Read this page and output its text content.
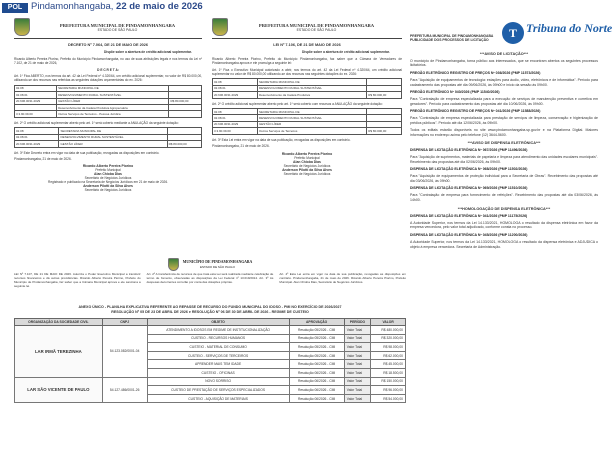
POL Pindamonhangaba, 22 de maio de 2026
PREFEITURA MUNICIPAL DE PINDAMONHANGABA
ESTADO DE SÃO PAULO
DECRETO Nº 7.064, DE 21 DE MAIO DE 2026

Dispõe sobre a abertura de crédito adicional suplementar.

Ricardo Alberto Pereira Piorino, Prefeito do Município Pindamonhangaba, no uso de suas atribuições legais e nos termos da Lei nº 7.102, de 21 de maio de 2026,

D E C R E T A:

Art. 1º Fica ABERTO, nos termos da art. 42 da Lei Federal nº 4.320/64, um crédito adicional suplementar, no valor de R$ 80.000,00, utilizando-se dos recursos nas referidas as seguintes dotações orçamentárias do ex. 2026:

02.08	SECRETARIA MUNICIPAL DE	
02.08.01	DESENVOLVIMENTO RURAL SUSTENTÁVEL	
20.606.0031.2029	GESTÃO LÍDER	R$ 80.000,00
	Desenvolvimento da Cadeia Produtiva Agropecuária	
3.3.90.39.00	Outros Serviços de Terceiros - Pessoa Jurídica	

Art. 2º O crédito adicional suplementar aberto pelo art. 1º será coberto mediante a ANULAÇÃO da seguinte dotação:

02.08	SECRETARIA MUNICIPAL DE	
02.08.01	DESENVOLVIMENTO RURAL SUSTENTÁVEL	
20.606.0031.2029	GESTÃO LÍDER	R$ 80.000,00

Art. 3º Este Decreto entra em vigor na data de sua publicação, revogadas as disposições em contrário.

Pindamonhangaba, 21 de maio de 2026.

Ricardo Alberto Pereira Piorino
Prefeito Municipal
Alan Chioba Dias
Secretário de Negócios Jurídicos
Registrado e publicado na Secretaria de Negócios Jurídicos em 21 de maio de 2026.
Anderson Pilotti da Silva Alves
Secretário de Negócios Jurídicos
PREFEITURA MUNICIPAL DE PINDAMONHANGABA
ESTADO DE SÃO PAULO
LEI Nº 7.106, DE 21 DE MAIO DE 2026

Dispõe sobre a abertura de crédito adicional suplementar.

Ricardo Alberto Pereira Piorino, Prefeito do Município Pindamonhangaba, faz saber que a Câmara de Vereadores de Pindamonhangaba aprova e ele promulga a seguinte lei:

Art. 1º Fica o Executivo Municipal autorizado a abrir, nos termos do art. 42 da Lei Federal nº 4.320/64, um crédito adicional suplementar no valor de R$ 80.000,00 utilizando-se dos recursos nas seguintes dotações do ex. 2026:

02.08	SECRETARIA MUNICIPAL DE	
02.08.01	DESENVOLVIMENTO RURAL SUSTENTÁVEL	
20.606.0031.2029	Desenvolvimento da Cadeia Produtiva	R$ 80.000,00

Art. 2º O crédito adicional suplementar aberto pelo art. 1º será coberto com recursos a ANULAÇÃO da seguinte dotação:

02.08	SECRETARIA MUNICIPAL DE	
02.08.01	DESENVOLVIMENTO RURAL SUSTENTÁVEL	
20.606.0031.2029	GESTÃO LÍDER	
3.3.90.39.00	Outros Serviços de Terceiros	R$ 80.000,00

Art. 3º Esta Lei entra em vigor na data de sua publicação, revogadas as disposições em contrário.

Pindamonhangaba, 21 de maio de 2026.

Ricardo Alberto Pereira Piorino
Prefeito Municipal
Alan Chioba Dias
Secretário de Negócios Jurídicos
Anderson Pilotti da Silva Alves
Secretário de Negócios Jurídicos
PREFEITURA MUNICIPAL DE PINDAMONHANGABA
PUBLICIDADE DOS PROCESSOS DE LICITAÇÃO
T Tribuna do Norte
***AVISO DE LICITAÇÃO***

O município de Pindamonhangaba, torna público aos interessados, que se encontram abertos os seguintes processos licitatórios.

PREGÃO ELETRÔNICO REGISTRO DE PREÇOS Nº 036/2026 (PMP 11573/2026)

Para "Aquisição de equipamentos de tecnologia: estações para áudio, vídeo, eletrônicos e de informática". Período para cadastramento das propostas até dia 09/06/2026, às 09h00 e início da sessão às 09h00.

PREGÃO ELETRÔNICO Nº 040/2026 (PMP 11540/2026)

Para "Contratação de empresa especializada para a execução de serviços de manutenção preventiva e corretiva em geradores". Período para cadastramento das propostas até dia 10/06/2026, às 09h00.

PREGÃO ELETRÔNICO REGISTRO DE PREÇOS Nº 041/2026 (PMP 11588/2026)

Para "Contratação de empresa especializada para prestação de serviços de limpeza, conservação e higienização de prédios públicos". Período até dia 12/06/2026, às 09h00.

Todos os editais estarão disponíveis no site www.pindamonhangaba.sp.gov.br e na Plataforma Digital. Maiores informações no endereço acima pelo telefone (12) 3644-5600.

***AVISO DE DISPENSA ELETRÔNICA***

DISPENSA DE LICITAÇÃO ELETRÔNICA Nº 067/2026 (PMP 11496/2026)

Para "Aquisição de suprimentos, materiais de papelaria e limpeza para atendimento das unidades escolares municipais". Recebimento das propostas até dia 02/06/2026, às 09h00.

DISPENSA DE LICITAÇÃO ELETRÔNICA Nº 068/2026 (PMP 11502/2026)

Para "Aquisição de equipamentos de proteção individual para a Secretaria de Obras". Recebimento das propostas até dia 03/06/2026, às 09h00.

DISPENSA DE LICITAÇÃO ELETRÔNICA Nº 069/2026 (PMP 11510/2026)

Para "Contratação de empresa para fornecimento de refeições". Recebimento das propostas até dia 03/06/2026, às 14h00.

***HOMOLOGAÇÃO DE DISPENSA ELETRÔNICA***

DISPENSA DE LICITAÇÃO ELETRÔNICA Nº 041/2026 (PMP 11175/2026)

A Autoridade Superior, nos termos da Lei 14.133/2021, HOMOLOGA o resultado da dispensa eletrônica em favor da empresa vencedora, pelo valor total adjudicado, conforme consta no processo.

DISPENSA DE LICITAÇÃO ELETRÔNICA Nº 045/2026 (PMP 11200/2026)

A Autoridade Superior, nos termos da Lei 14.133/2021, HOMOLOGA o resultado da dispensa eletrônica e ADJUDICA o objeto à empresa vencedora. Secretaria de Administração.

MUNICÍPIO DE PINDAMONHANGABA
ESTADO DE SÃO PAULO
LEI Nº 7.107, DE 21 DE MAIO DE 2026. Autoriza o Poder Executivo Municipal a transferir recursos financeiros e dá outras providências. Ricardo Alberto Pereira Piorino, Prefeito do Município de Pindamonhangaba, faz saber que a Câmara Municipal aprova e ele sanciona a seguinte lei.
Art. 2º A transferência de recursos de que trata esta Lei será realizada mediante celebração de termo de fomento, observadas as disposições da Lei Federal nº 13.019/2014. Art. 3º As despesas decorrentes correrão por conta das dotações próprias.
Art. 4º Esta Lei entra em vigor na data de sua publicação, revogadas as disposições em contrário. Pindamonhangaba, 21 de maio de 2026. Ricardo Alberto Pereira Piorino, Prefeito Municipal. Alan Chioba Dias, Secretário de Negócios Jurídicos.
ANEXO ÚNICO - PLANILHA EXPLICATIVA REFERENTE AO REPASSE DE RECURSO DO FUNDO MUNICIPAL DO IDOSO - PMI NO EXERCÍCIO DE 2026/2027
RESOLUÇÃO Nº 05 DE 23 DE ABRIL DE 2026 e RESOLUÇÃO Nº 06 DE 30 DE ABRIL DE 2026 - REGIME DE CUSTEIO
ORGANIZAÇÃO DA SOCIEDADE CIVIL	CNPJ	OBJETO	APROVAÇÃO	PERÍODO	VALOR
LAR IRMÃ TEREZINHA	54.123.082/0001-04	ATENDIMENTO A IDOSOS EM REGIME DE INSTITUCIONALIZAÇÃO	Resolução 05/2026 - CMI	Valor Total	R$ 480.000,00
		CUSTEIO - RECURSOS HUMANOS	Resolução 05/2026 - CMI	Valor Total	R$ 320.000,00
		CUSTEIO - MATERIAL DE CONSUMO	Resolução 05/2026 - CMI	Valor Total	R$ 98.000,00
		CUSTEIO - SERVIÇOS DE TERCEIROS	Resolução 05/2026 - CMI	Valor Total	R$ 62.000,00
		APRENDER MAIS TEM IDADE	Resolução 06/2026 - CMI	Valor Total	R$ 45.000,00
		CUSTEIO - OFICINAS	Resolução 06/2026 - CMI	Valor Total	R$ 18.500,00
LAR SÃO VICENTE DE PAULO	54.127.486/0001-26	NOVO SORRISO	Resolução 06/2026 - CMI	Valor Total	R$ 150.000,00
		CUSTEIO DE PRESTAÇÃO DE SERVIÇOS ESPECIALIZADOS	Resolução 06/2026 - CMI	Valor Total	R$ 96.000,00
		CUSTEIO - AQUISIÇÃO DE MATERIAIS	Resolução 06/2026 - CMI	Valor Total	R$ 54.000,00
